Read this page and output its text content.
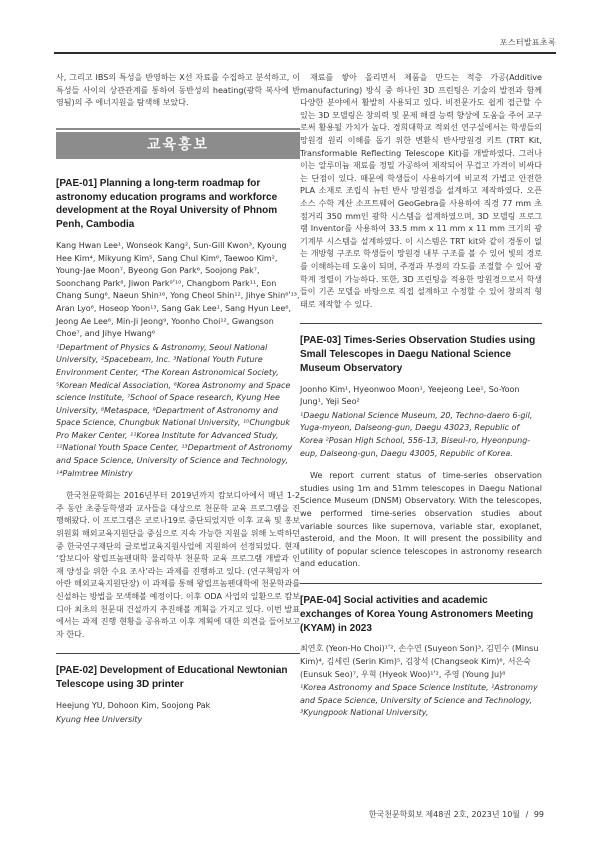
포스터발표초록

사, 그리고 IBS의 특성을 반영하는 X선 자료를 수집하고 분석하고, 이 특성들 사이의 상관관계를 통하여 동반성의 heating(광학 복사에 반영됨)의 주 에너지원을 탐색해 보았다.

교육홍보
[PAE-01] Planning a long-term roadmap for astronomy education programs and workforce development at the Royal University of Phnom Penh, Cambodia
Kang Hwan Lee¹, Wonseok Kang², Sun-Gill Kwon³, Kyoung Hee Kim⁴, Mikyung Kim⁵, Sang Chul Kim⁶, Taewoo Kim², Young-Jae Moon⁷, Byeong Gon Park⁶, Soojong Pak⁷, Soonchang Park⁸, Jiwon Park⁹ʹ¹⁰, Changbom Park¹¹, Eon Chang Sung⁶, Naeun Shin¹⁶, Yong Cheol Shin¹², Jihye Shin⁶ʹ¹³, Aran Lyo⁶, Hoseop Yoon¹³, Sang Gak Lee¹, Sang Hyun Lee⁶, Jeong Ae Lee⁶, Min-Ji Jeong⁹, Yoonho Choi¹², Gwangson Choe⁷, and Jihye Hwang⁶
¹Department of Physics & Astronomy, Seoul National University, ²Spacebeam, Inc. ³National Youth Future Environment Center, ⁴The Korean Astronomical Society, ⁵Korean Medical Association, ⁶Korea Astronomy and Space science Institute, ⁷School of Space research, Kyung Hee University, ⁸Metaspace, ⁹Department of Astronomy and Space Science, Chungbuk National University, ¹⁰Chungbuk Pro Maker Center, ¹¹Korea Institute for Advanced Study, ¹²National Youth Space Center, ¹³Department of Astronomy and Space Science, University of Science and Technology, ¹⁴Palmtree Ministry

한국천문학회는 2016년부터 2019년까지 캄보디아에서 매년 1-2주 동안 초중등학생과 교사들을 대상으로 천문학 교육 프로그램을 진행해왔다. 이 프로그램은 코로나19로 중단되었지만 이후 교육 및 홍보위원회 해외교육지원단을 중심으로 지속 가능한 지원을 위해 노력하던 중 한국연구재단의 글로벌교육지원사업에 지원하여 선정되었다. 현재 ‘캄보디아 왕립프놈펜대학 물리학부 천문학 교육 프로그램 개발과 인재 양성을 위한 수요 조사’라는 과제를 진행하고 있다. (연구책임자 여아란 해외교육지원단장) 이 과제를 통해 왕립프놈펜대학에 천문학과를 신설하는 방법을 모색해볼 예정이다. 이후 ODA 사업의 일환으로 캄보디아 최초의 천문대 건설까지 추진해볼 계획을 가지고 있다. 이번 발표에서는 과제 진행 현황을 공유하고 이후 계획에 대한 의견을 들어보고자 한다.

[PAE-02] Development of Educational Newtonian Telescope using 3D printer
Heejung YU, Dohoon Kim, Soojong Pak
Kyung Hee University

재료를 쌓아 올리면서 제품을 만드는 적층 가공(Additive manufacturing) 방식 중 하나인 3D 프린팅은 기술의 발전과 함께 다양한 분야에서 활발히 사용되고 있다. 비전문가도 쉽게 접근할 수 있는 3D 모델링은 창의력 및 문제 해결 능력 향상에 도움을 주어 교구로써 활용될 가치가 높다. 경희대학교 적외선 연구실에서는 학생들의 망원경 원리 이해를 돕기 위한 변환식 반사망원경 키트 (TRT Kit, Transformable Reflecting Telescope Kit)를 개발하였다. 그러나 이는 알루미늄 재료를 정밀 가공하여 제작되어 무겁고 가격이 비싸다는 단점이 있다. 때문에 학생들이 사용하기에 비교적 가볍고 안전한 PLA 소재로 조립식 뉴턴 반사 망원경을 설계하고 제작하였다. 오픈 소스 수학 계산 소프트웨어 GeoGebra를 사용하여 직경 77 mm 초점거리 350 mm인 광학 시스템을 설계하였으며, 3D 모델링 프로그램 Inventor를 사용하여 33.5 mm x 11 mm x 11 mm 크기의 광기계부 시스템을 설계하였다. 이 시스템은 TRT kit와 같이 경통이 없는 개방형 구조로 학생들이 망원경 내부 구조를 볼 수 있어 빛의 경로를 이해하는데 도움이 되며, 주경과 부경의 각도를 조절할 수 있어 광학계 정렬이 가능하다. 또한, 3D 프린팅을 적용한 망원경으로서 학생들이 기존 모델을 바탕으로 직접 설계하고 수정할 수 있어 창의적 형태로 제작할 수 있다.

[PAE-03] Times-Series Observation Studies using Small Telescopes in Daegu National Science Museum Observatory
Joonho Kim¹, Hyeonwoo Moon¹, Yeejeong Lee¹, So-Yoon Jung¹, Yeji Seo²
¹Daegu National Science Museum, 20, Techno-daero 6-gil, Yuga-myeon, Dalseong-gun, Daegu 43023, Republic of Korea ²Posan High School, 556-13, Biseul-ro, Hyeonpung-eup, Dalseong-gun, Daegu 43005, Republic of Korea.

We report current status of time-series observation studies using 1m and 51mm telescopes in Daegu National Science Museum (DNSM) Observatory. With the telescopes, we performed time-series observation studies about variable sources like supernova, variable star, exoplanet, asteroid, and the Moon. It will present the possibility and utility of popular science telescopes in astronomy research and education.

[PAE-04] Social activities and academic exchanges of Korea Young Astronomers Meeting (KYAM) in 2023
최연호 (Yeon-Ho Choi)¹ʹ², 손수연 (Suyeon Son)³, 김민수 (Minsu Kim)⁴, 김세린 (Serin Kim)⁵, 김창석 (Changseok Kim)⁶, 서은숙 (Eunsuk Seo)⁷, 우혁 (Hyeok Woo)¹ʹ², 주영 (Young Ju)⁸
¹Korea Astronomy and Space Science Institute, ²Astronomy and Space Science, University of Science and Technology, ³Kyungpook National University,
한국천문학회보 제48권 2호, 2023년 10월 / 99
